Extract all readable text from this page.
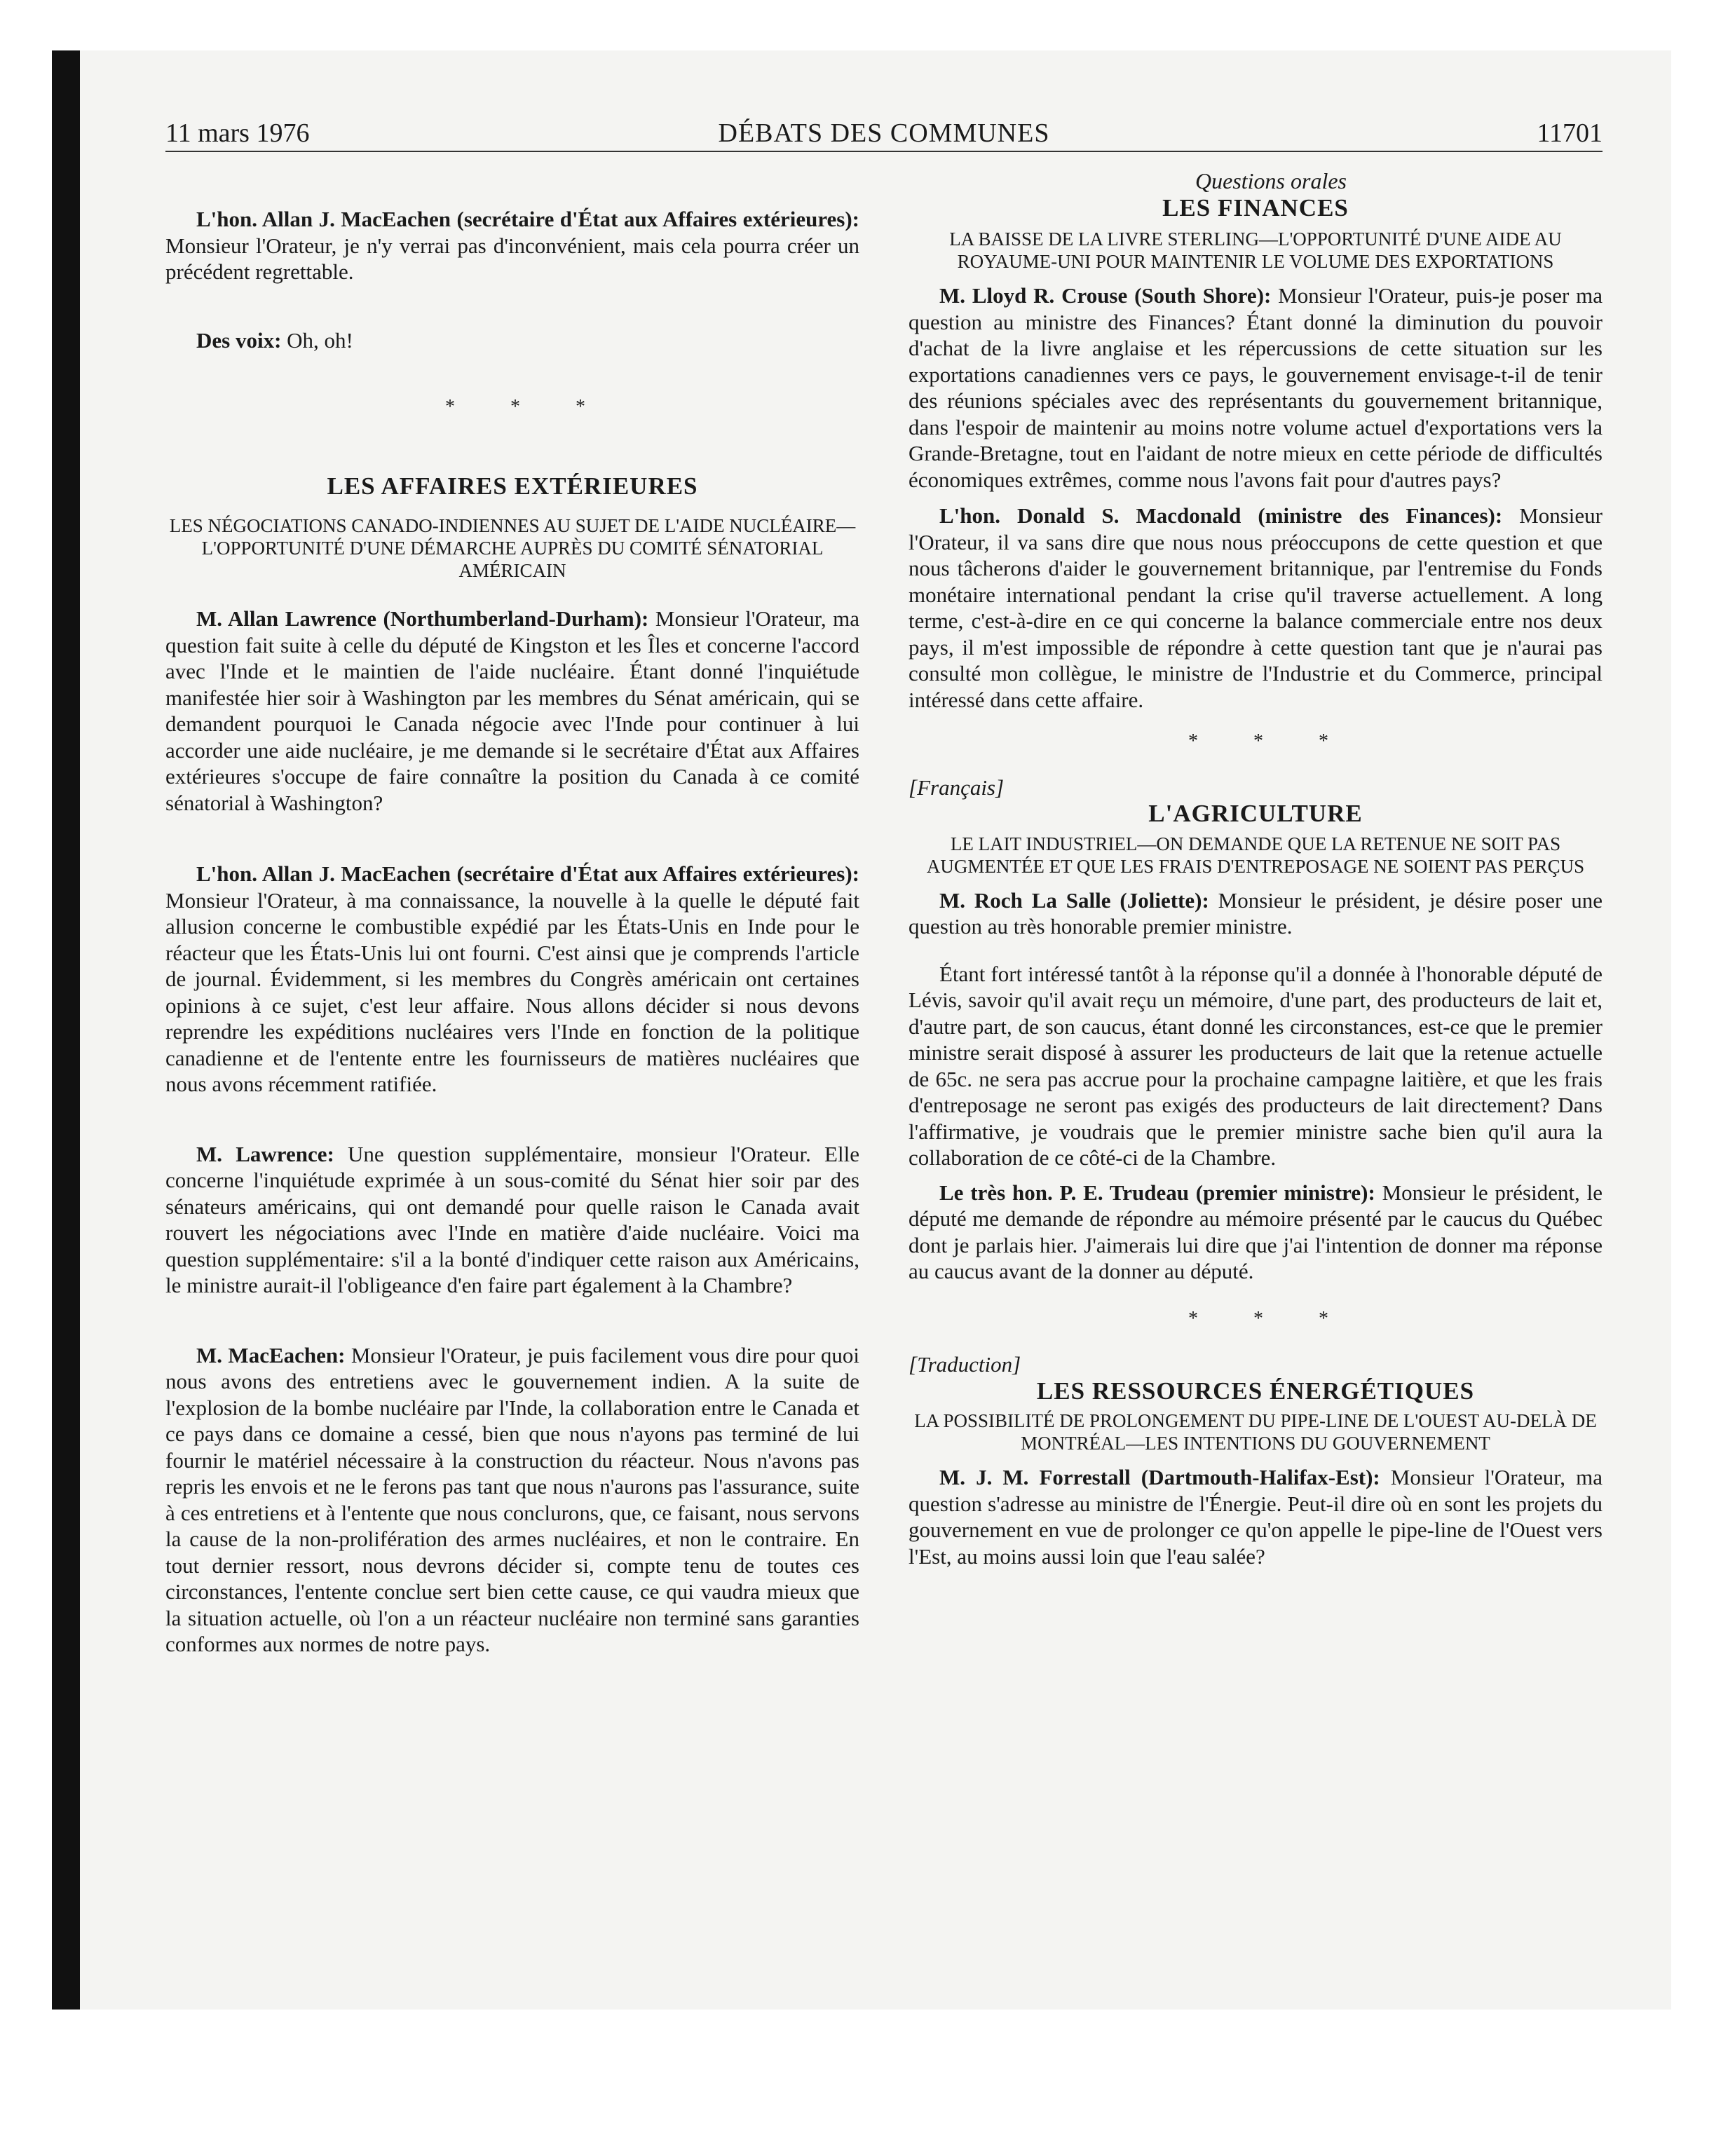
11 mars 1976	DÉBATS DES COMMUNES	11701

L'hon. Allan J. MacEachen (secrétaire d'État aux Affaires extérieures): Monsieur l'Orateur, je n'y verrai pas d'inconvénient, mais cela pourra créer un précédent regrettable.

Des voix: Oh, oh!

* * *

LES AFFAIRES EXTÉRIEURES
LES NÉGOCIATIONS CANADO-INDIENNES AU SUJET DE L'AIDE NUCLÉAIRE—L'OPPORTUNITÉ D'UNE DÉMARCHE AUPRÈS DU COMITÉ SÉNATORIAL AMÉRICAIN

M. Allan Lawrence (Northumberland-Durham): Monsieur l'Orateur, ma question fait suite à celle du député de Kingston et les Îles et concerne l'accord avec l'Inde et le maintien de l'aide nucléaire. Étant donné l'inquiétude manifestée hier soir à Washington par les membres du Sénat américain, qui se demandent pourquoi le Canada négocie avec l'Inde pour continuer à lui accorder une aide nucléaire, je me demande si le secrétaire d'État aux Affaires extérieures s'occupe de faire connaître la position du Canada à ce comité sénatorial à Washington?

L'hon. Allan J. MacEachen (secrétaire d'État aux Affaires extérieures): Monsieur l'Orateur, à ma connaissance, la nouvelle à la quelle le député fait allusion concerne le combustible expédié par les États-Unis en Inde pour le réacteur que les États-Unis lui ont fourni. C'est ainsi que je comprends l'article de journal. Évidemment, si les membres du Congrès américain ont certaines opinions à ce sujet, c'est leur affaire. Nous allons décider si nous devons reprendre les expéditions nucléaires vers l'Inde en fonction de la politique canadienne et de l'entente entre les fournisseurs de matières nucléaires que nous avons récemment ratifiée.

M. Lawrence: Une question supplémentaire, monsieur l'Orateur. Elle concerne l'inquiétude exprimée à un sous-comité du Sénat hier soir par des sénateurs américains, qui ont demandé pour quelle raison le Canada avait rouvert les négociations avec l'Inde en matière d'aide nucléaire. Voici ma question supplémentaire: s'il a la bonté d'indiquer cette raison aux Américains, le ministre aurait-il l'obligeance d'en faire part également à la Chambre?

M. MacEachen: Monsieur l'Orateur, je puis facilement vous dire pour quoi nous avons des entretiens avec le gouvernement indien. A la suite de l'explosion de la bombe nucléaire par l'Inde, la collaboration entre le Canada et ce pays dans ce domaine a cessé, bien que nous n'ayons pas terminé de lui fournir le matériel nécessaire à la construction du réacteur. Nous n'avons pas repris les envois et ne le ferons pas tant que nous n'aurons pas l'assurance, suite à ces entretiens et à l'entente que nous conclurons, que, ce faisant, nous servons la cause de la non-prolifération des armes nucléaires, et non le contraire. En tout dernier ressort, nous devrons décider si, compte tenu de toutes ces circonstances, l'entente conclue sert bien cette cause, ce qui vaudra mieux que la situation actuelle, où l'on a un réacteur nucléaire non terminé sans garanties conformes aux normes de notre pays.

Questions orales

LES FINANCES
LA BAISSE DE LA LIVRE STERLING—L'OPPORTUNITÉ D'UNE AIDE AU ROYAUME-UNI POUR MAINTENIR LE VOLUME DES EXPORTATIONS

M. Lloyd R. Crouse (South Shore): Monsieur l'Orateur, puis-je poser ma question au ministre des Finances? Étant donné la diminution du pouvoir d'achat de la livre anglaise et les répercussions de cette situation sur les exportations canadiennes vers ce pays, le gouvernement envisage-t-il de tenir des réunions spéciales avec des représentants du gouvernement britannique, dans l'espoir de maintenir au moins notre volume actuel d'exportations vers la Grande-Bretagne, tout en l'aidant de notre mieux en cette période de difficultés économiques extrêmes, comme nous l'avons fait pour d'autres pays?

L'hon. Donald S. Macdonald (ministre des Finances): Monsieur l'Orateur, il va sans dire que nous nous préoccupons de cette question et que nous tâcherons d'aider le gouvernement britannique, par l'entremise du Fonds monétaire international pendant la crise qu'il traverse actuellement. A long terme, c'est-à-dire en ce qui concerne la balance commerciale entre nos deux pays, il m'est impossible de répondre à cette question tant que je n'aurai pas consulté mon collègue, le ministre de l'Industrie et du Commerce, principal intéressé dans cette affaire.

* * *

[Français]

L'AGRICULTURE
LE LAIT INDUSTRIEL—ON DEMANDE QUE LA RETENUE NE SOIT PAS AUGMENTÉE ET QUE LES FRAIS D'ENTREPOSAGE NE SOIENT PAS PERÇUS

M. Roch La Salle (Joliette): Monsieur le président, je désire poser une question au très honorable premier ministre.

Étant fort intéressé tantôt à la réponse qu'il a donnée à l'honorable député de Lévis, savoir qu'il avait reçu un mémoire, d'une part, des producteurs de lait et, d'autre part, de son caucus, étant donné les circonstances, est-ce que le premier ministre serait disposé à assurer les producteurs de lait que la retenue actuelle de 65c. ne sera pas accrue pour la prochaine campagne laitière, et que les frais d'entreposage ne seront pas exigés des producteurs de lait directement? Dans l'affirmative, je voudrais que le premier ministre sache bien qu'il aura la collaboration de ce côté-ci de la Chambre.

Le très hon. P. E. Trudeau (premier ministre): Monsieur le président, le député me demande de répondre au mémoire présenté par le caucus du Québec dont je parlais hier. J'aimerais lui dire que j'ai l'intention de donner ma réponse au caucus avant de la donner au député.

* * *

[Traduction]

LES RESSOURCES ÉNERGÉTIQUES
LA POSSIBILITÉ DE PROLONGEMENT DU PIPE-LINE DE L'OUEST AU-DELÀ DE MONTRÉAL—LES INTENTIONS DU GOUVERNEMENT

M. J. M. Forrestall (Dartmouth-Halifax-Est): Monsieur l'Orateur, ma question s'adresse au ministre de l'Énergie. Peut-il dire où en sont les projets du gouvernement en vue de prolonger ce qu'on appelle le pipe-line de l'Ouest vers l'Est, au moins aussi loin que l'eau salée?
